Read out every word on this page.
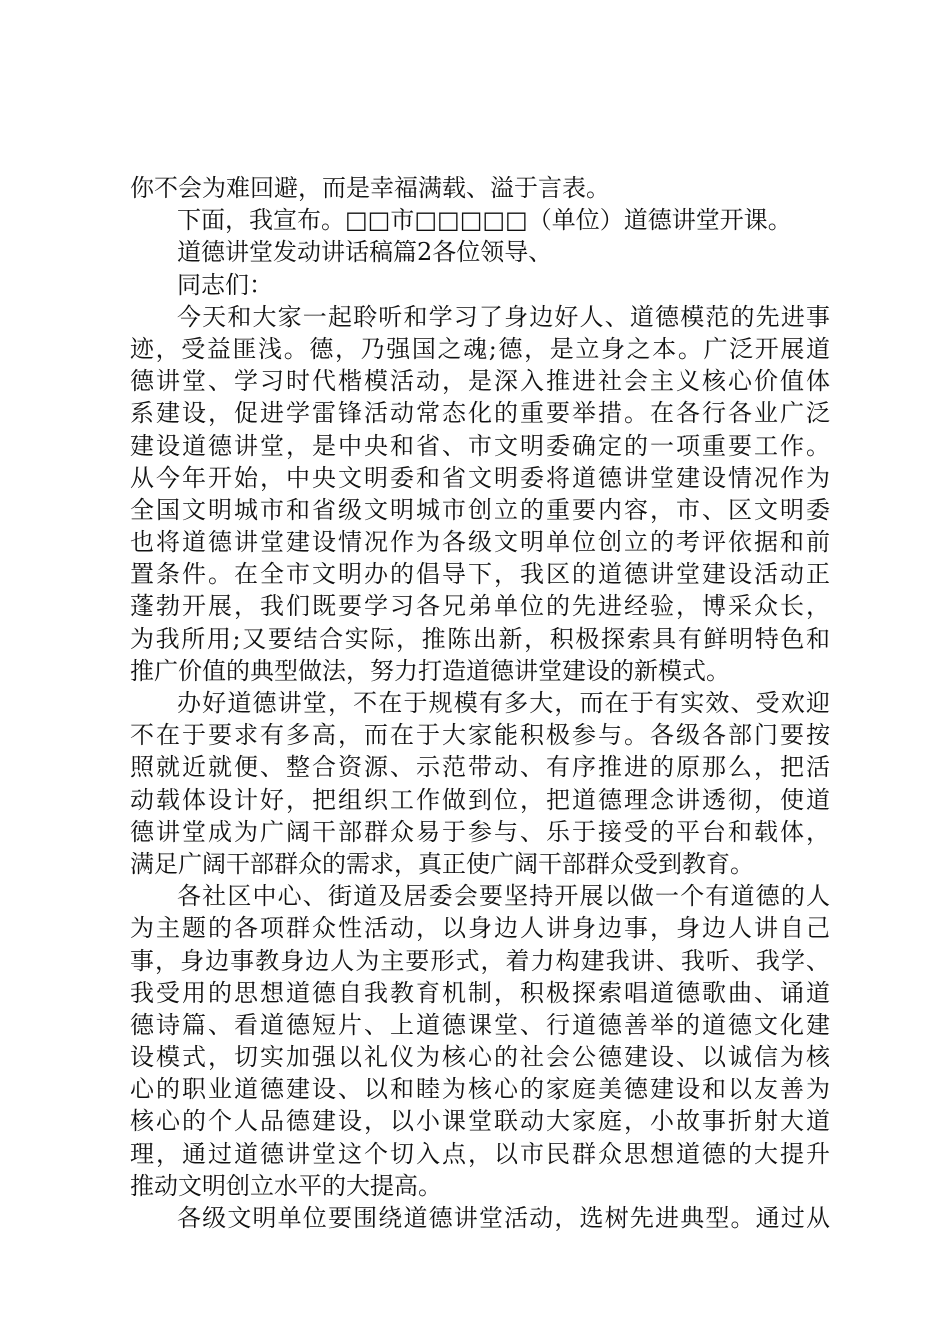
你不会为难回避，而是幸福满载、溢于言表。
下面，我宣布。□□市□□□□□（单位）道德讲堂开课。
道德讲堂发动讲话稿篇2各位领导、
同志们：
今天和大家一起聆听和学习了身边好人、道德模范的先进事
迹，受益匪浅。德，乃强国之魂;德，是立身之本。广泛开展道
德讲堂、学习时代楷模活动，是深入推进社会主义核心价值体
系建设，促进学雷锋活动常态化的重要举措。在各行各业广泛
建设道德讲堂，是中央和省、市文明委确定的一项重要工作。
从今年开始，中央文明委和省文明委将道德讲堂建设情况作为
全国文明城市和省级文明城市创立的重要内容，市、区文明委
也将道德讲堂建设情况作为各级文明单位创立的考评依据和前
置条件。在全市文明办的倡导下，我区的道德讲堂建设活动正
蓬勃开展，我们既要学习各兄弟单位的先进经验，博采众长，
为我所用;又要结合实际，推陈出新，积极探索具有鲜明特色和
推广价值的典型做法，努力打造道德讲堂建设的新模式。
办好道德讲堂，不在于规模有多大，而在于有实效、受欢迎
不在于要求有多高，而在于大家能积极参与。各级各部门要按
照就近就便、整合资源、示范带动、有序推进的原那么，把活
动载体设计好，把组织工作做到位，把道德理念讲透彻，使道
德讲堂成为广阔干部群众易于参与、乐于接受的平台和载体，
满足广阔干部群众的需求，真正使广阔干部群众受到教育。
各社区中心、街道及居委会要坚持开展以做一个有道德的人
为主题的各项群众性活动，以身边人讲身边事，身边人讲自己
事，身边事教身边人为主要形式，着力构建我讲、我听、我学、
我受用的思想道德自我教育机制，积极探索唱道德歌曲、诵道
德诗篇、看道德短片、上道德课堂、行道德善举的道德文化建
设模式，切实加强以礼仪为核心的社会公德建设、以诚信为核
心的职业道德建设、以和睦为核心的家庭美德建设和以友善为
核心的个人品德建设，以小课堂联动大家庭，小故事折射大道
理，通过道德讲堂这个切入点，以市民群众思想道德的大提升
推动文明创立水平的大提高。
各级文明单位要围绕道德讲堂活动，选树先进典型。通过从
